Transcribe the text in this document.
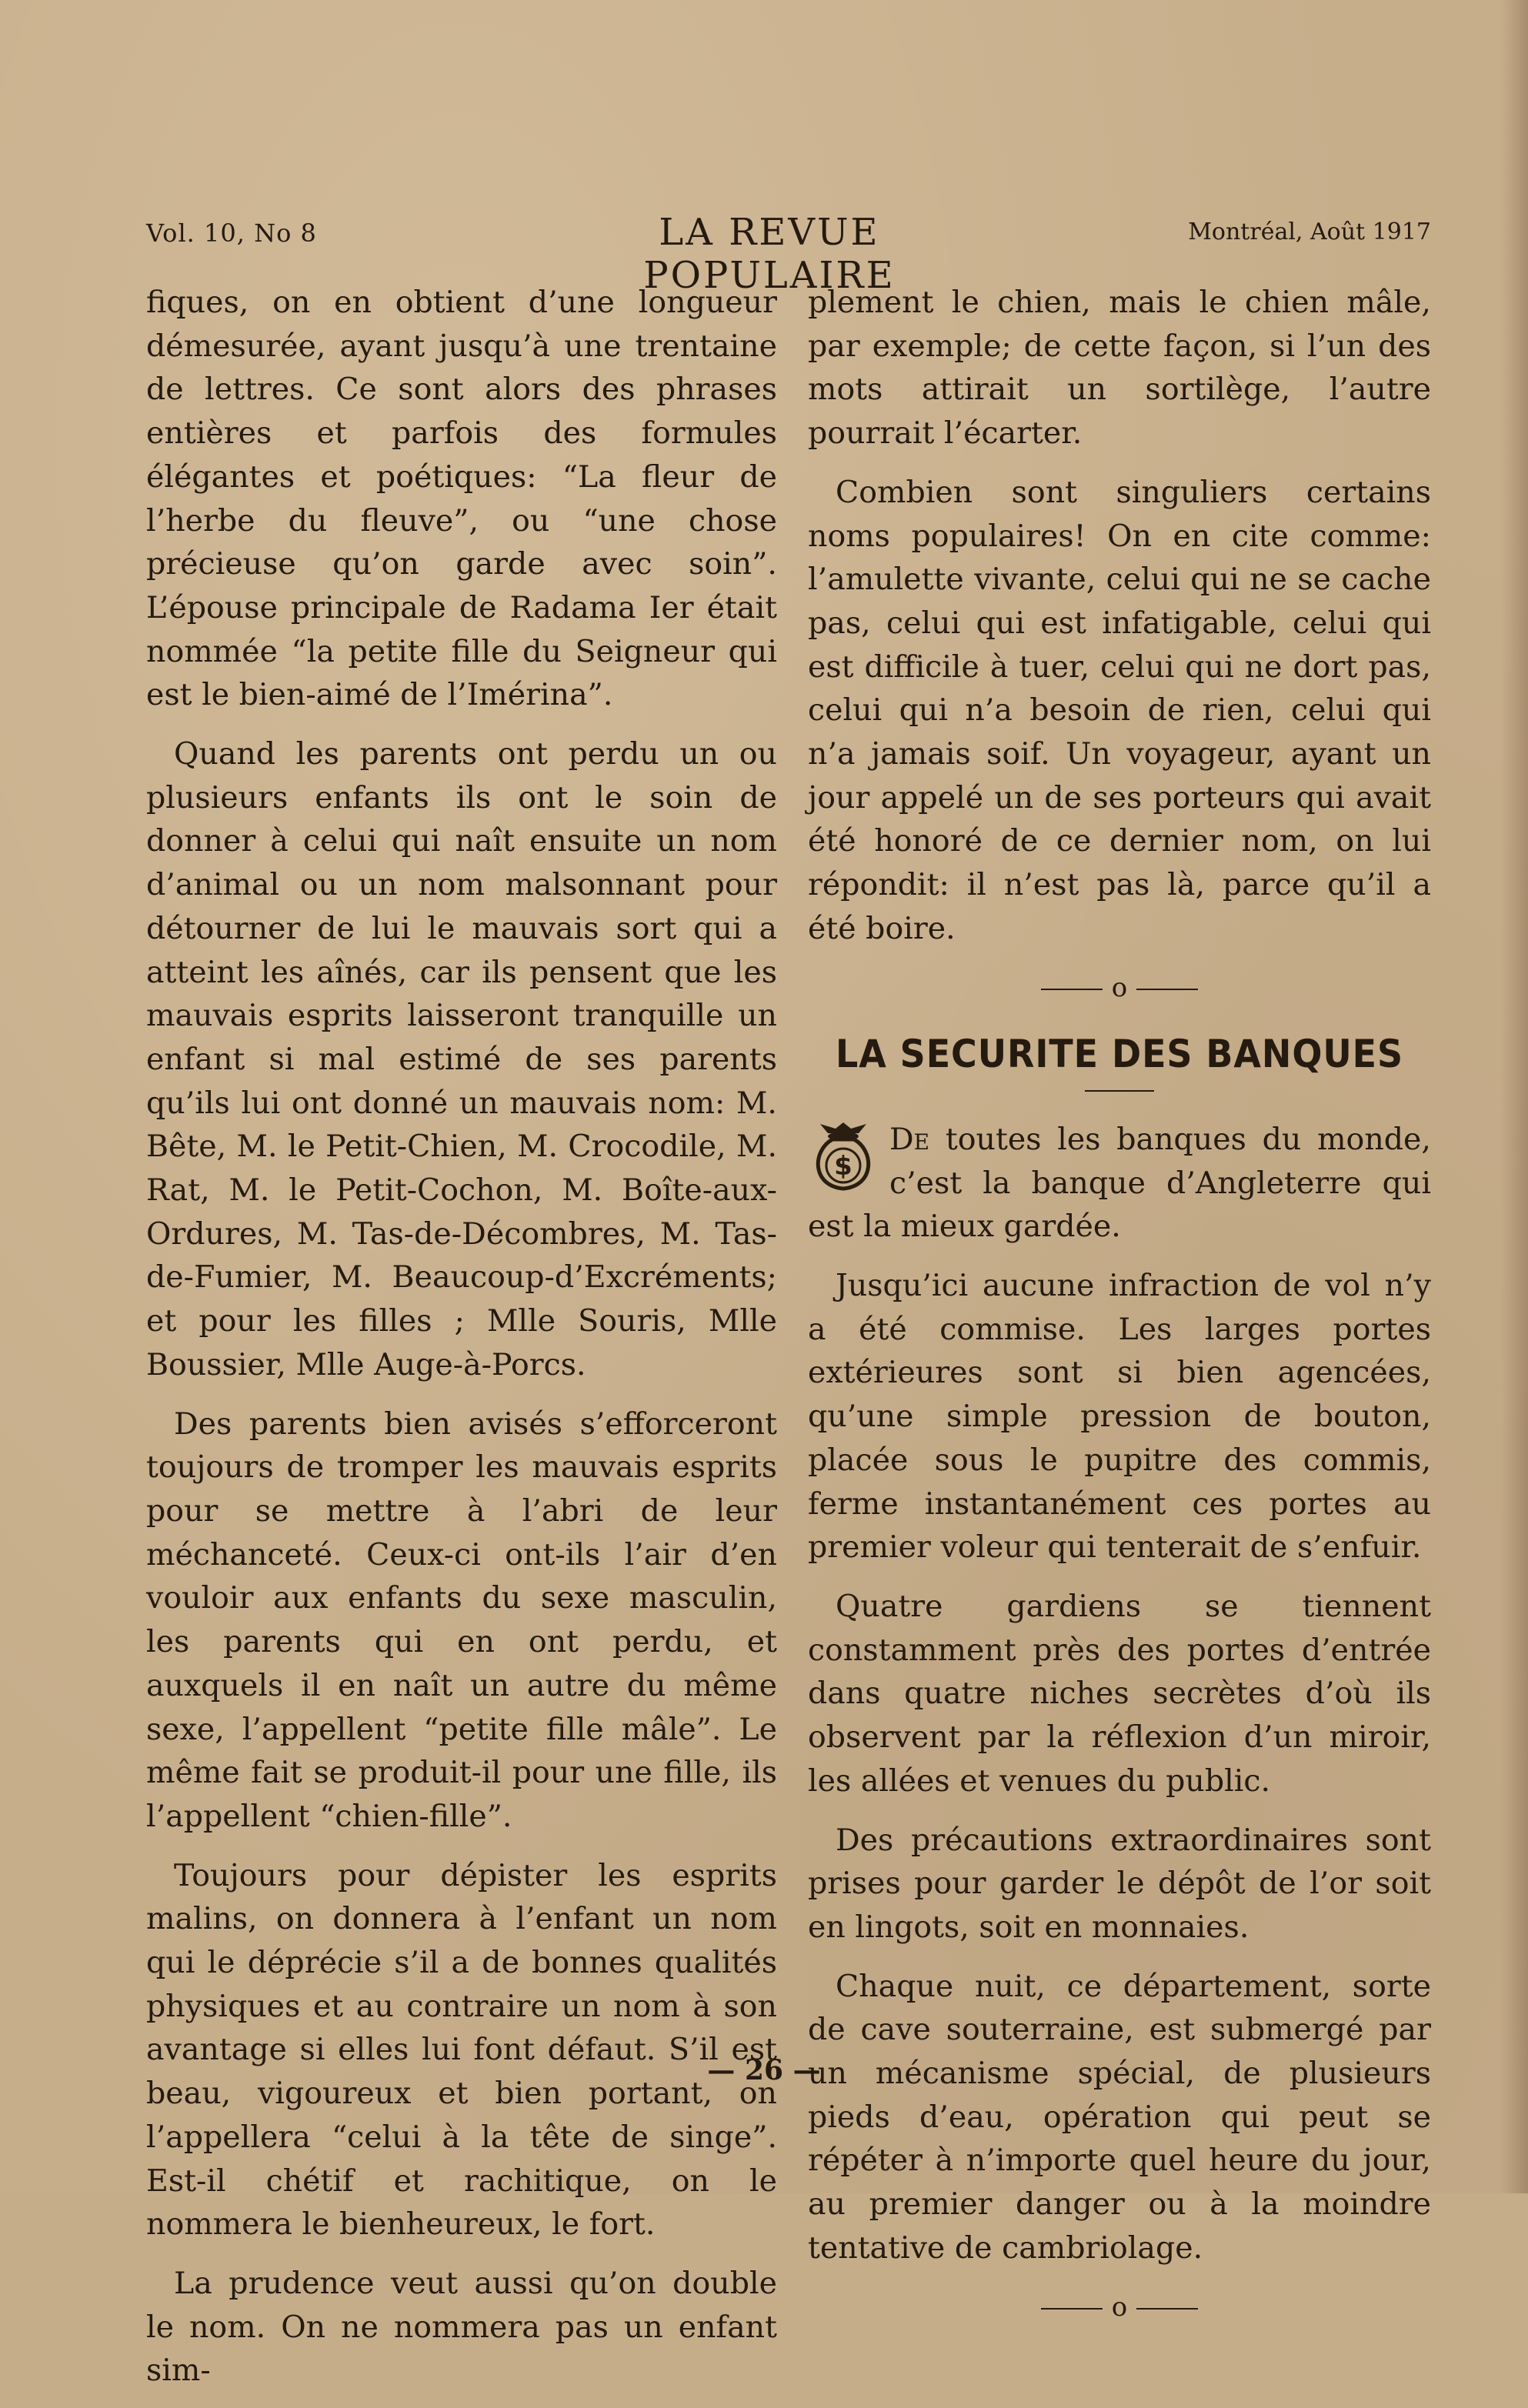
Vol. 10, No 8	LA REVUE POPULAIRE
Montréal, Août 1917

fiques, on en obtient d’une longueur démesurée, ayant jusqu’à une trentaine de lettres. Ce sont alors des phrases entières et parfois des formules élégantes et poétiques: “La fleur de l’herbe du fleuve”, ou “une chose précieuse qu’on garde avec soin”. L’épouse principale de Radama Ier était nommée “la petite fille du Seigneur qui est le bien-aimé de l’Imérina”.

Quand les parents ont perdu un ou plusieurs enfants ils ont le soin de donner à celui qui naît ensuite un nom d’animal ou un nom malsonnant pour détourner de lui le mauvais sort qui a atteint les aînés, car ils pensent que les mauvais esprits laisseront tranquille un enfant si mal estimé de ses parents qu’ils lui ont donné un mauvais nom: M. Bête, M. le Petit-Chien, M. Crocodile, M. Rat, M. le Petit-Cochon, M. Boîte-aux-Ordures, M. Tas-de-Décombres, M. Tas-de-Fumier, M. Beaucoup-d’Excréments; et pour les filles ; Mlle Souris, Mlle Boussier, Mlle Auge-à-Porcs.

Des parents bien avisés s’efforceront toujours de tromper les mauvais esprits pour se mettre à l’abri de leur méchanceté. Ceux-ci ont-ils l’air d’en vouloir aux enfants du sexe masculin, les parents qui en ont perdu, et auxquels il en naît un autre du même sexe, l’appellent “petite fille mâle”. Le même fait se produit-il pour une fille, ils l’appellent “chien-fille”.

Toujours pour dépister les esprits malins, on donnera à l’enfant un nom qui le déprécie s’il a de bonnes qualités physiques et au contraire un nom à son avantage si elles lui font défaut. S’il est beau, vigoureux et bien portant, on l’appellera “celui à la tête de singe”. Est-il chétif et rachitique, on le nommera le bienheureux, le fort.

La prudence veut aussi qu’on double le nom. On ne nommera pas un enfant sim-

plement le chien, mais le chien mâle, par exemple; de cette façon, si l’un des mots attirait un sortilège, l’autre pourrait l’écarter.

Combien sont singuliers certains noms populaires! On en cite comme: l’amulette vivante, celui qui ne se cache pas, celui qui est infatigable, celui qui est difficile à tuer, celui qui ne dort pas, celui qui n’a besoin de rien, celui qui n’a jamais soif. Un voyageur, ayant un jour appelé un de ses porteurs qui avait été honoré de ce dernier nom, on lui répondit: il n’est pas là, parce qu’il a été boire.

o
LA SECURITE DES BANQUES

$
De toutes les banques du monde, c’est la banque d’Angleterre qui est la mieux gardée.

Jusqu’ici aucune infraction de vol n’y a été commise. Les larges portes extérieures sont si bien agencées, qu’une simple pression de bouton, placée sous le pupitre des commis, ferme instantanément ces portes au premier voleur qui tenterait de s’enfuir.

Quatre gardiens se tiennent constamment près des portes d’entrée dans quatre niches secrètes d’où ils observent par la réflexion d’un miroir, les allées et venues du public.

Des précautions extraordinaires sont prises pour garder le dépôt de l’or soit en lingots, soit en monnaies.

Chaque nuit, ce département, sorte de cave souterraine, est submergé par un mécanisme spécial, de plusieurs pieds d’eau, opération qui peut se répéter à n’importe quel heure du jour, au premier danger ou à la moindre tentative de cambriolage.

o
— 26 —
